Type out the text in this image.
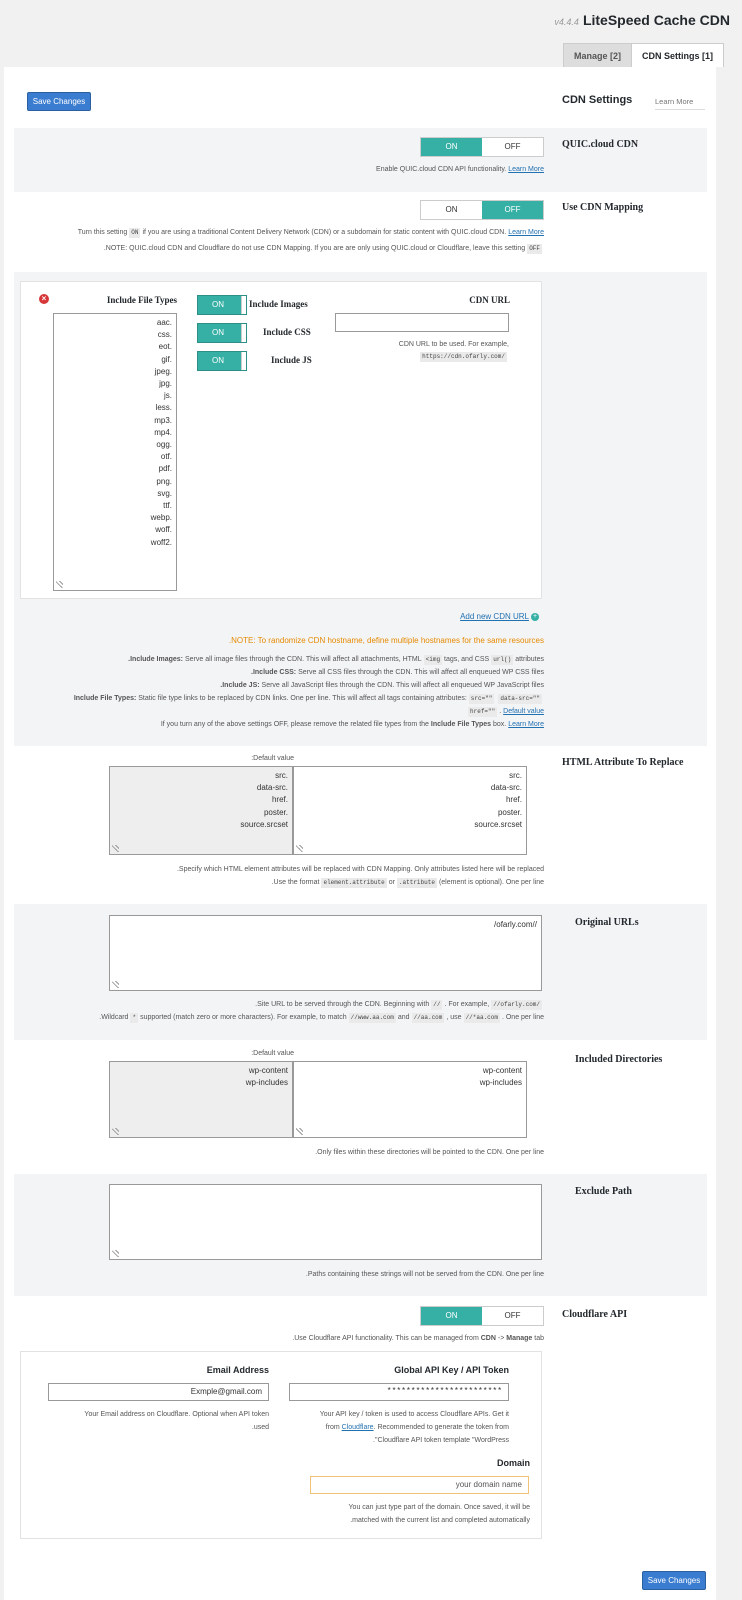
v4.4.4 LiteSpeed Cache CDN
Manage [2]	CDN Settings [1]
Save Changes	CDN Settings	Learn More
QUIC.cloud CDN
ON	OFF
Enable QUIC.cloud CDN API functionality. Learn More
Use CDN Mapping
ON	OFF
Turn this setting ON if you are using a traditional Content Delivery Network (CDN) or a subdomain for static content with QUIC.cloud CDN. Learn More
.NOTE: QUIC.cloud CDN and Cloudflare do not use CDN Mapping. If you are are only using QUIC.cloud or Cloudflare, leave this setting OFF
×	Include File Types
aac.
css.
eot.
gif.
jpeg.
jpg.
js.
less.
mp3.
mp4.
ogg.
otf.
pdf.
png.
svg.
ttf.
webp.
woff.
woff2.
ON	Include Images
ON	Include CSS
ON	Include JS
CDN URL
CDN URL to be used. For example,
https://cdn.ofarly.com/
Add new CDN URL +
.NOTE: To randomize CDN hostname, define multiple hostnames for the same resources
.Include Images: Serve all image files through the CDN. This will affect all attachments, HTML <img tags, and CSS url() attributes
.Include CSS: Serve all CSS files through the CDN. This will affect all enqueued WP CSS files
.Include JS: Serve all JavaScript files through the CDN. This will affect all enqueued WP JavaScript files
Include File Types: Static file type links to be replaced by CDN links. One per line. This will affect all tags containing attributes: src="" data-src=""
href="" . Default value
If you turn any of the above settings OFF, please remove the related file types from the Include File Types box. Learn More
HTML Attribute To Replace
:Default value
src.
data-src.
href.
poster.
source.srcset
src.
data-src.
href.
poster.
source.srcset
.Specify which HTML element attributes will be replaced with CDN Mapping. Only attributes listed here will be replaced
.Use the format element.attribute or .attribute (element is optional). One per line
Original URLs
/ofarly.com//
.Site URL to be served through the CDN. Beginning with // . For example, //ofarly.com/
.Wildcard * supported (match zero or more characters). For example, to match //www.aa.com and //aa.com , use //*aa.com . One per line
Included Directories
:Default value
wp-content
wp-includes
wp-content
wp-includes
.Only files within these directories will be pointed to the CDN. One per line
Exclude Path
.Paths containing these strings will not be served from the CDN. One per line
Cloudflare API
ON	OFF
.Use Cloudflare API functionality. This can be managed from CDN -> Manage tab
Email Address
Exmple@gmail.com
Your Email address on Cloudflare. Optional when API token
.used
Global API Key / API Token
************************
Your API key / token is used to access Cloudflare APIs. Get it
from Cloudflare. Recommended to generate the token from
."Cloudflare API token template "WordPress
Domain
your domain name
You can just type part of the domain. Once saved, it will be
.matched with the current list and completed automatically
Save Changes
